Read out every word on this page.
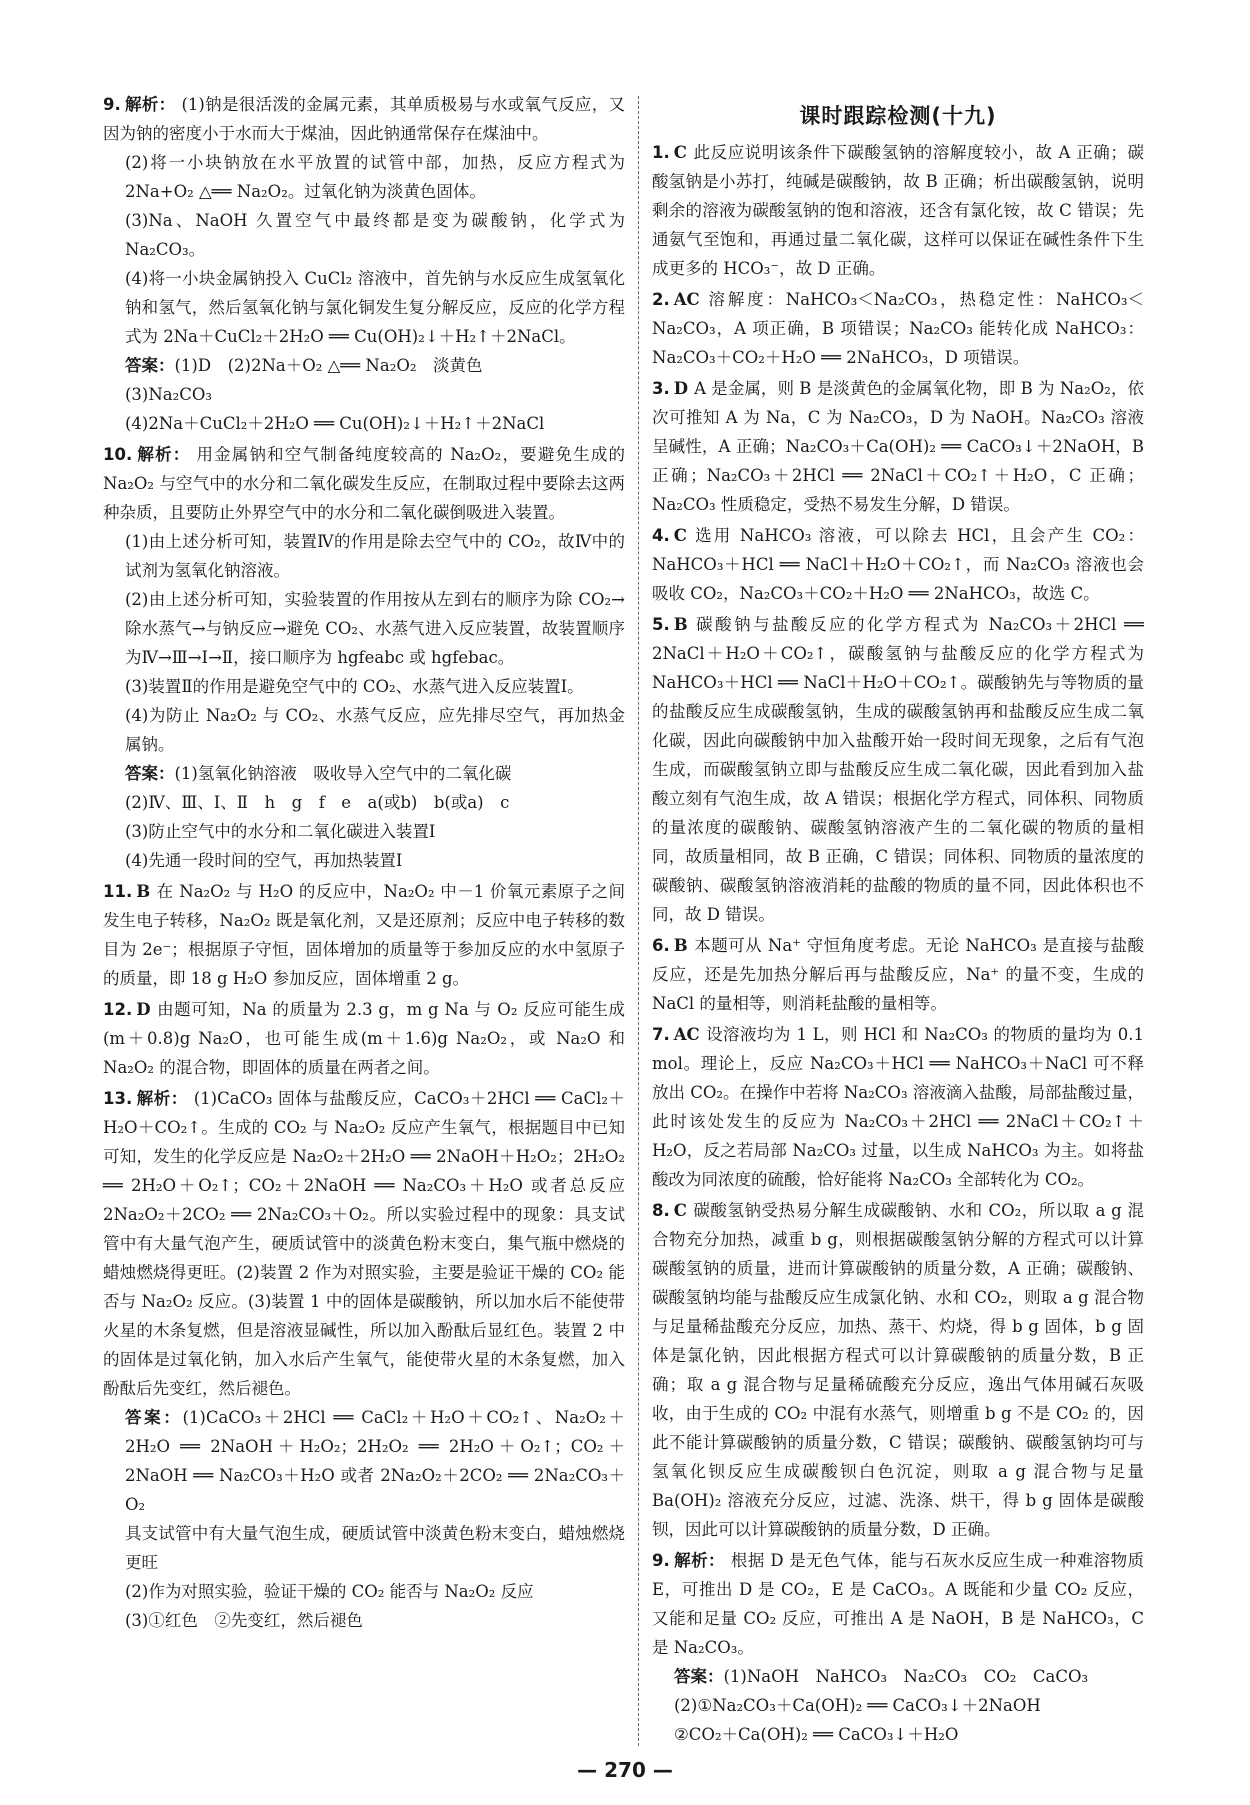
9. 解析： (1)钠是很活泼的金属元素，其单质极易与水或氧气反应，又因为钠的密度小于水而大于煤油，因此钠通常保存在煤油中。

(2)将一小块钠放在水平放置的试管中部，加热，反应方程式为 2Na+O₂ △══ Na₂O₂。过氧化钠为淡黄色固体。

(3)Na、NaOH 久置空气中最终都是变为碳酸钠，化学式为 Na₂CO₃。

(4)将一小块金属钠投入 CuCl₂ 溶液中，首先钠与水反应生成氢氧化钠和氢气，然后氢氧化钠与氯化铜发生复分解反应，反应的化学方程式为 2Na＋CuCl₂＋2H₂O ══ Cu(OH)₂↓＋H₂↑＋2NaCl。

答案：(1)D　(2)2Na＋O₂ △══ Na₂O₂　淡黄色

(3)Na₂CO₃

(4)2Na＋CuCl₂＋2H₂O ══ Cu(OH)₂↓＋H₂↑＋2NaCl

10. 解析： 用金属钠和空气制备纯度较高的 Na₂O₂，要避免生成的 Na₂O₂ 与空气中的水分和二氧化碳发生反应，在制取过程中要除去这两种杂质，且要防止外界空气中的水分和二氧化碳倒吸进入装置。

(1)由上述分析可知，装置Ⅳ的作用是除去空气中的 CO₂，故Ⅳ中的试剂为氢氧化钠溶液。

(2)由上述分析可知，实验装置的作用按从左到右的顺序为除 CO₂→除水蒸气→与钠反应→避免 CO₂、水蒸气进入反应装置，故装置顺序为Ⅳ→Ⅲ→Ⅰ→Ⅱ，接口顺序为 hgfeabc 或 hgfebac。

(3)装置Ⅱ的作用是避免空气中的 CO₂、水蒸气进入反应装置Ⅰ。

(4)为防止 Na₂O₂ 与 CO₂、水蒸气反应，应先排尽空气，再加热金属钠。

答案：(1)氢氧化钠溶液　吸收导入空气中的二氧化碳

(2)Ⅳ、Ⅲ、Ⅰ、Ⅱ　h　g　f　e　a(或b)　b(或a)　c

(3)防止空气中的水分和二氧化碳进入装置Ⅰ

(4)先通一段时间的空气，再加热装置Ⅰ

11. B 在 Na₂O₂ 与 H₂O 的反应中，Na₂O₂ 中－1 价氧元素原子之间发生电子转移，Na₂O₂ 既是氧化剂，又是还原剂；反应中电子转移的数目为 2e⁻；根据原子守恒，固体增加的质量等于参加反应的水中氢原子的质量，即 18 g H₂O 参加反应，固体增重 2 g。
12. D 由题可知，Na 的质量为 2.3 g，m g Na 与 O₂ 反应可能生成(m＋0.8)g Na₂O，也可能生成(m＋1.6)g Na₂O₂，或 Na₂O 和 Na₂O₂ 的混合物，即固体的质量在两者之间。
13. 解析： (1)CaCO₃ 固体与盐酸反应，CaCO₃＋2HCl ══ CaCl₂＋H₂O＋CO₂↑。生成的 CO₂ 与 Na₂O₂ 反应产生氧气，根据题目中已知可知，发生的化学反应是 Na₂O₂＋2H₂O ══ 2NaOH＋H₂O₂；2H₂O₂ ══ 2H₂O＋O₂↑；CO₂＋2NaOH ══ Na₂CO₃＋H₂O 或者总反应 2Na₂O₂＋2CO₂ ══ 2Na₂CO₃＋O₂。所以实验过程中的现象：具支试管中有大量气泡产生，硬质试管中的淡黄色粉末变白，集气瓶中燃烧的蜡烛燃烧得更旺。(2)装置 2 作为对照实验，主要是验证干燥的 CO₂ 能否与 Na₂O₂ 反应。(3)装置 1 中的固体是碳酸钠，所以加水后不能使带火星的木条复燃，但是溶液显碱性，所以加入酚酞后显红色。装置 2 中的固体是过氧化钠，加入水后产生氧气，能使带火星的木条复燃，加入酚酞后先变红，然后褪色。

答案：(1)CaCO₃＋2HCl ══ CaCl₂＋H₂O＋CO₂↑、Na₂O₂＋2H₂O ══ 2NaOH＋H₂O₂；2H₂O₂ ══ 2H₂O＋O₂↑；CO₂＋2NaOH ══ Na₂CO₃＋H₂O 或者 2Na₂O₂＋2CO₂ ══ 2Na₂CO₃＋O₂

具支试管中有大量气泡生成，硬质试管中淡黄色粉末变白，蜡烛燃烧更旺

(2)作为对照实验，验证干燥的 CO₂ 能否与 Na₂O₂ 反应

(3)①红色　②先变红，然后褪色

课时跟踪检测(十九)
1. C 此反应说明该条件下碳酸氢钠的溶解度较小，故 A 正确；碳酸氢钠是小苏打，纯碱是碳酸钠，故 B 正确；析出碳酸氢钠，说明剩余的溶液为碳酸氢钠的饱和溶液，还含有氯化铵，故 C 错误；先通氨气至饱和，再通过量二氧化碳，这样可以保证在碱性条件下生成更多的 HCO₃⁻，故 D 正确。
2. AC 溶解度：NaHCO₃＜Na₂CO₃，热稳定性：NaHCO₃＜Na₂CO₃，A 项正确，B 项错误；Na₂CO₃ 能转化成 NaHCO₃：Na₂CO₃＋CO₂＋H₂O ══ 2NaHCO₃，D 项错误。
3. D A 是金属，则 B 是淡黄色的金属氧化物，即 B 为 Na₂O₂，依次可推知 A 为 Na，C 为 Na₂CO₃，D 为 NaOH。Na₂CO₃ 溶液呈碱性，A 正确；Na₂CO₃＋Ca(OH)₂ ══ CaCO₃↓＋2NaOH，B 正确；Na₂CO₃＋2HCl ══ 2NaCl＋CO₂↑＋H₂O，C 正确；Na₂CO₃ 性质稳定，受热不易发生分解，D 错误。
4. C 选用 NaHCO₃ 溶液，可以除去 HCl，且会产生 CO₂：NaHCO₃＋HCl ══ NaCl＋H₂O＋CO₂↑，而 Na₂CO₃ 溶液也会吸收 CO₂，Na₂CO₃＋CO₂＋H₂O ══ 2NaHCO₃，故选 C。
5. B 碳酸钠与盐酸反应的化学方程式为 Na₂CO₃＋2HCl ══ 2NaCl＋H₂O＋CO₂↑，碳酸氢钠与盐酸反应的化学方程式为 NaHCO₃＋HCl ══ NaCl＋H₂O＋CO₂↑。碳酸钠先与等物质的量的盐酸反应生成碳酸氢钠，生成的碳酸氢钠再和盐酸反应生成二氧化碳，因此向碳酸钠中加入盐酸开始一段时间无现象，之后有气泡生成，而碳酸氢钠立即与盐酸反应生成二氧化碳，因此看到加入盐酸立刻有气泡生成，故 A 错误；根据化学方程式，同体积、同物质的量浓度的碳酸钠、碳酸氢钠溶液产生的二氧化碳的物质的量相同，故质量相同，故 B 正确，C 错误；同体积、同物质的量浓度的碳酸钠、碳酸氢钠溶液消耗的盐酸的物质的量不同，因此体积也不同，故 D 错误。
6. B 本题可从 Na⁺ 守恒角度考虑。无论 NaHCO₃ 是直接与盐酸反应，还是先加热分解后再与盐酸反应，Na⁺ 的量不变，生成的 NaCl 的量相等，则消耗盐酸的量相等。
7. AC 设溶液均为 1 L，则 HCl 和 Na₂CO₃ 的物质的量均为 0.1 mol。理论上，反应 Na₂CO₃＋HCl ══ NaHCO₃＋NaCl 可不释放出 CO₂。在操作中若将 Na₂CO₃ 溶液滴入盐酸，局部盐酸过量，此时该处发生的反应为 Na₂CO₃＋2HCl ══ 2NaCl＋CO₂↑＋H₂O，反之若局部 Na₂CO₃ 过量，以生成 NaHCO₃ 为主。如将盐酸改为同浓度的硫酸，恰好能将 Na₂CO₃ 全部转化为 CO₂。
8. C 碳酸氢钠受热易分解生成碳酸钠、水和 CO₂，所以取 a g 混合物充分加热，减重 b g，则根据碳酸氢钠分解的方程式可以计算碳酸氢钠的质量，进而计算碳酸钠的质量分数，A 正确；碳酸钠、碳酸氢钠均能与盐酸反应生成氯化钠、水和 CO₂，则取 a g 混合物与足量稀盐酸充分反应，加热、蒸干、灼烧，得 b g 固体，b g 固体是氯化钠，因此根据方程式可以计算碳酸钠的质量分数，B 正确；取 a g 混合物与足量稀硫酸充分反应，逸出气体用碱石灰吸收，由于生成的 CO₂ 中混有水蒸气，则增重 b g 不是 CO₂ 的，因此不能计算碳酸钠的质量分数，C 错误；碳酸钠、碳酸氢钠均可与氢氧化钡反应生成碳酸钡白色沉淀，则取 a g 混合物与足量 Ba(OH)₂ 溶液充分反应，过滤、洗涤、烘干，得 b g 固体是碳酸钡，因此可以计算碳酸钠的质量分数，D 正确。
9. 解析： 根据 D 是无色气体，能与石灰水反应生成一种难溶物质 E，可推出 D 是 CO₂，E 是 CaCO₃。A 既能和少量 CO₂ 反应，又能和足量 CO₂ 反应，可推出 A 是 NaOH，B 是 NaHCO₃，C 是 Na₂CO₃。

答案：(1)NaOH　NaHCO₃　Na₂CO₃　CO₂　CaCO₃

(2)①Na₂CO₃＋Ca(OH)₂ ══ CaCO₃↓＋2NaOH

②CO₂＋Ca(OH)₂ ══ CaCO₃↓＋H₂O

— 270 —
